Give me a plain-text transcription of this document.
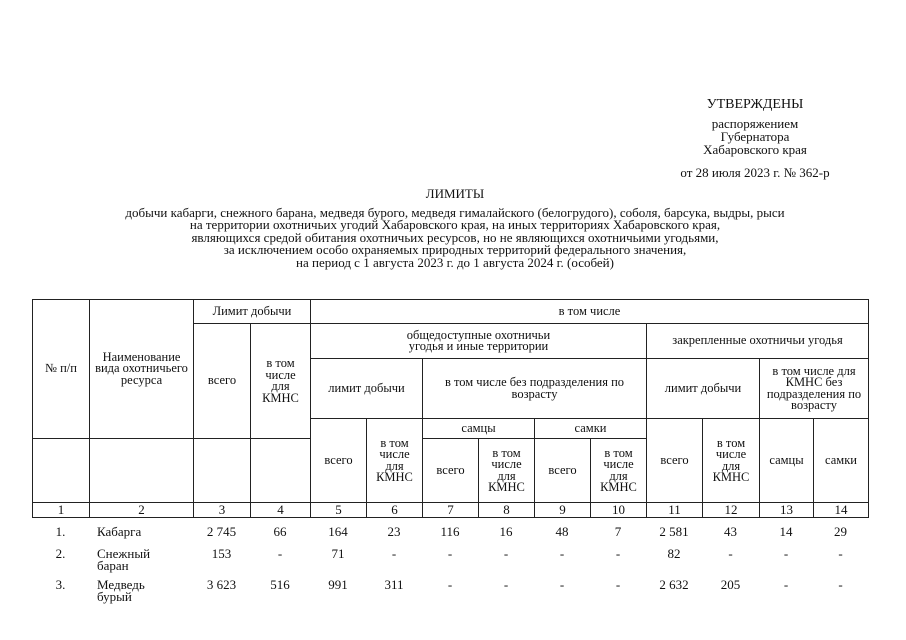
УТВЕРЖДЕНЫ
распоряжением
Губернатора
Хабаровского края
от 28 июля 2023 г. № 362-р
ЛИМИТЫ
добычи кабарги, снежного барана, медведя бурого, медведя гималайского (белогрудого), соболя, барсука, выдры, рыси
на территории охотничьих угодий Хабаровского края, на иных территориях Хабаровского края,
являющихся средой обитания охотничьих ресурсов, но не являющихся охотничьими угодьями,
за исключением особо охраняемых природных территорий федерального значения,
на период с 1 августа 2023 г. до 1 августа 2024 г. (особей)
№ п/п	Наименование вида охотничьего ресурса	Лимит добычи		в том числе									
		всего	в том числе для КМНС	общедоступные охотничьи угодья и иные территории						закрепленные охотничьи угодья			
				лимит добычи		в том числе без подразделения по возрасту				лимит добычи		в том числе для КМНС без подразделения по возрасту	
				всего	в том числе для КМНС	самцы		самки		всего	в том числе для КМНС	самцы	самки
						всего	в том числе для КМНС	всего	в том числе для КМНС				
1	2	3	4	5	6	7	8	9	10	11	12	13	14
1.	Кабарга	2 745	66	164	23	116	16	48	7	2 581	43	14	29
2.	Снежный баран	153	-	71	-	-	-	-	-	82	-	-	-
3.	Медведь бурый	3 623	516	991	311	-	-	-	-	2 632	205	-	-
